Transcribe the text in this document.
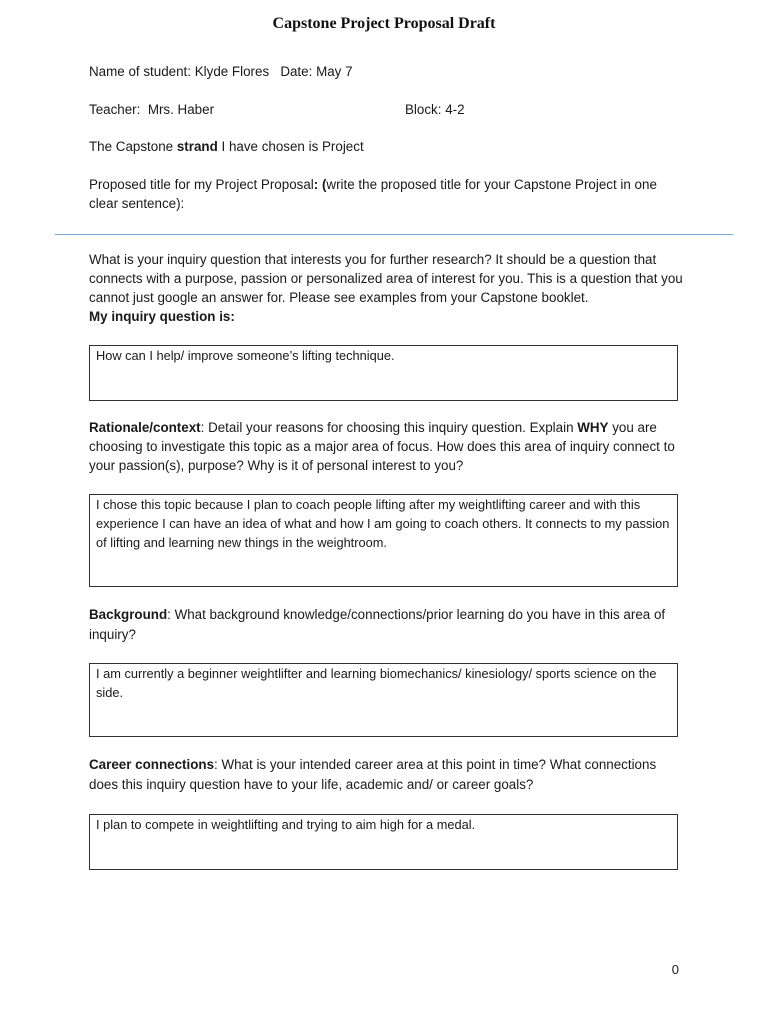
Capstone Project Proposal Draft
Name of student: Klyde Flores Date: May 7
Teacher: Mrs. Haber	Block: 4-2
The Capstone strand I have chosen is Project
Proposed title for my Project Proposal: (write the proposed title for your Capstone Project in one clear sentence):
What is your inquiry question that interests you for further research? It should be a question that connects with a purpose, passion or personalized area of interest for you. This is a question that you cannot just google an answer for. Please see examples from your Capstone booklet.
My inquiry question is:
How can I help/ improve someone’s lifting technique.
Rationale/context: Detail your reasons for choosing this inquiry question. Explain WHY you are choosing to investigate this topic as a major area of focus. How does this area of inquiry connect to your passion(s), purpose? Why is it of personal interest to you?
I chose this topic because I plan to coach people lifting after my weightlifting career and with this experience I can have an idea of what and how I am going to coach others. It connects to my passion of lifting and learning new things in the weightroom.
Background: What background knowledge/connections/prior learning do you have in this area of inquiry?
I am currently a beginner weightlifter and learning biomechanics/ kinesiology/ sports science on the side.
Career connections: What is your intended career area at this point in time? What connections does this inquiry question have to your life, academic and/ or career goals?
I plan to compete in weightlifting and trying to aim high for a medal.
0
